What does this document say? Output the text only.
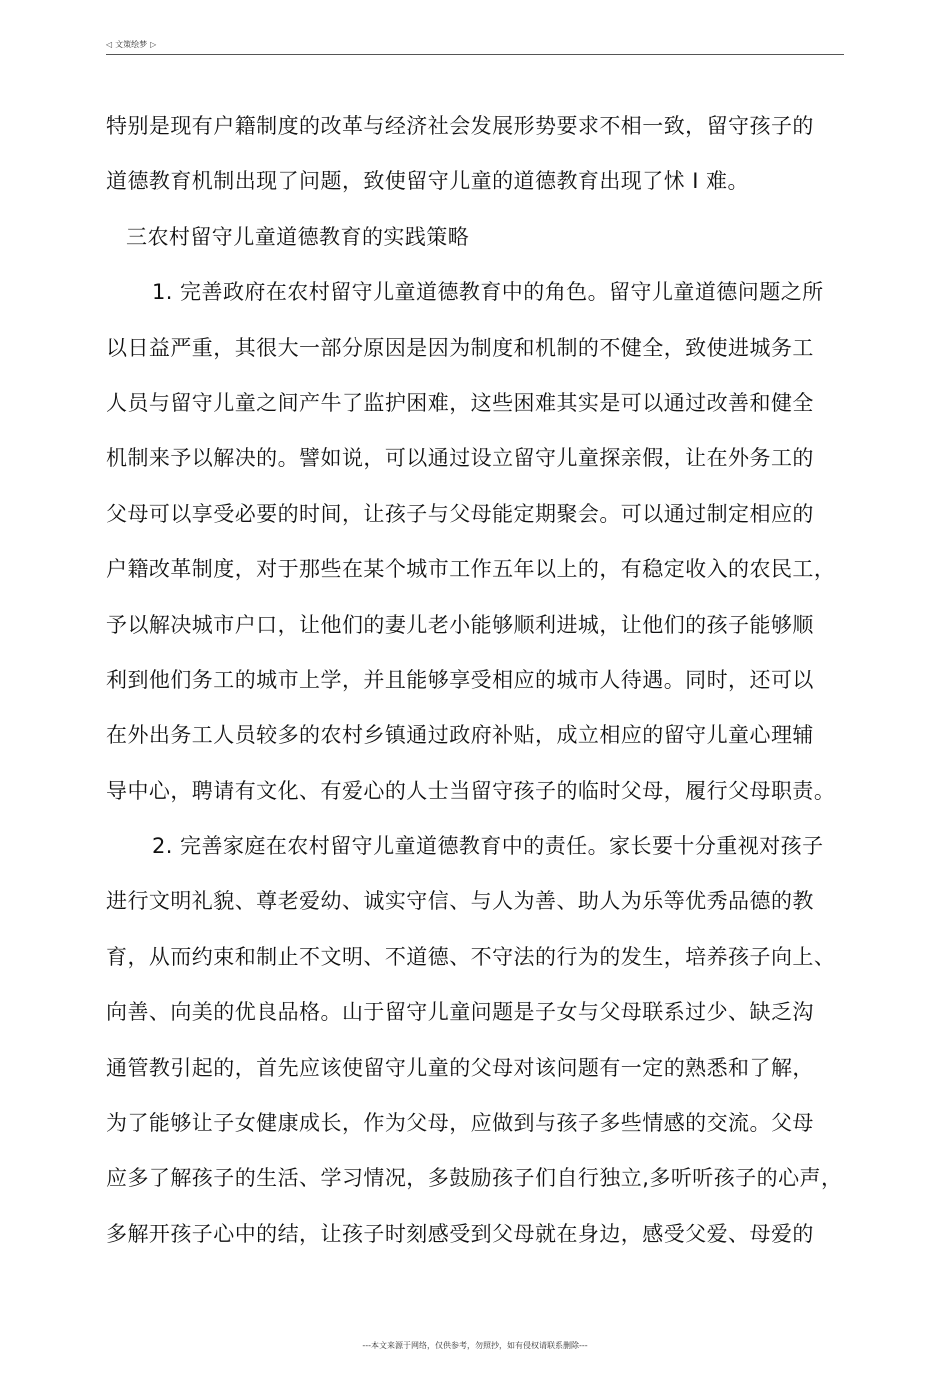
◁ 文策绘梦 ▷
特别是现有户籍制度的改革与经济社会发展形势要求不相一致，留守孩子的
道德教育机制出现了问题，致使留守儿童的道德教育出现了怵 I 难。
三农村留守儿童道德教育的实践策略
1. 完善政府在农村留守儿童道德教育中的角色。留守儿童道德问题之所
以日益严重，其很大一部分原因是因为制度和机制的不健全，致使进城务工
人员与留守儿童之间产牛了监护困难，这些困难其实是可以通过改善和健全
机制来予以解决的。譬如说，可以通过设立留守儿童探亲假，让在外务工的
父母可以享受必要的时间，让孩子与父母能定期聚会。可以通过制定相应的
户籍改革制度，对于那些在某个城市工作五年以上的，有稳定收入的农民工，
予以解决城市户口，让他们的妻儿老小能够顺利进城，让他们的孩子能够顺
利到他们务工的城市上学，并且能够享受相应的城市人待遇。同时，还可以
在外出务工人员较多的农村乡镇通过政府补贴，成立相应的留守儿童心理辅
导中心，聘请有文化、有爱心的人士当留守孩子的临时父母，履行父母职责。
2. 完善家庭在农村留守儿童道德教育中的责任。家长要十分重视对孩子
进行文明礼貌、尊老爱幼、诚实守信、与人为善、助人为乐等优秀品德的教
育，从而约束和制止不文明、不道德、不守法的行为的发生，培养孩子向上、
向善、向美的优良品格。山于留守儿童问题是子女与父母联系过少、缺乏沟
通管教引起的，首先应该使留守儿童的父母对该问题有一定的熟悉和了解，
为了能够让子女健康成长，作为父母，应做到与孩子多些情感的交流。父母
应多了解孩子的生活、学习情况，多鼓励孩子们自行独立,多听听孩子的心声，
多解开孩子心中的结，让孩子时刻感受到父母就在身边，感受父爱、母爱的
---本文来源于网络，仅供参考，勿照抄，如有侵权请联系删除---
